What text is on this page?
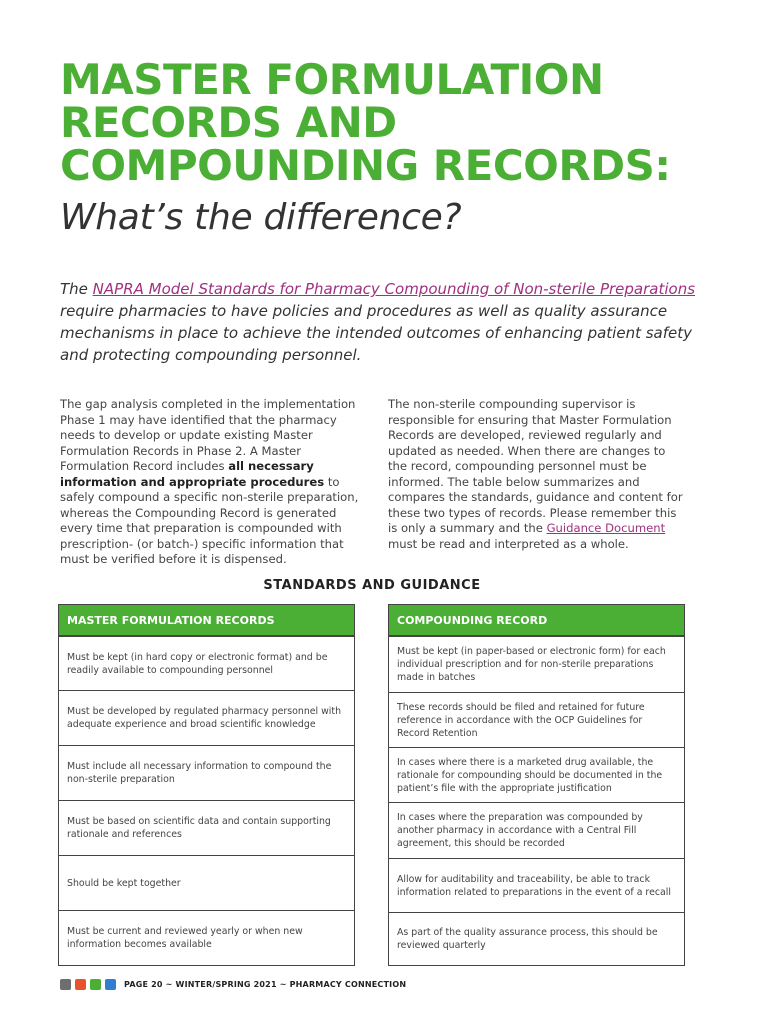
MASTER FORMULATION
RECORDS AND
COMPOUNDING RECORDS:
What’s the difference?

The NAPRA Model Standards for Pharmacy Compounding of Non-sterile Preparations require pharmacies to have policies and procedures as well as quality assurance mechanisms in place to achieve the intended outcomes of enhancing patient safety and protecting compounding personnel.

The gap analysis completed in the implementation Phase 1 may have identified that the pharmacy needs to develop or update existing Master Formulation Records in Phase 2. A Master Formulation Record includes all necessary information and appropriate procedures to safely compound a specific non-sterile preparation, whereas the Compounding Record is generated every time that preparation is compounded with prescription- (or batch-) specific information that must be verified before it is dispensed.

The non-sterile compounding supervisor is responsible for ensuring that Master Formulation Records are developed, reviewed regularly and updated as needed. When there are changes to the record, compounding personnel must be informed. The table below summarizes and compares the standards, guidance and content for these two types of records. Please remember this is only a summary and the Guidance Document must be read and interpreted as a whole.

STANDARDS AND GUIDANCE
MASTER FORMULATION RECORDS
Must be kept (in hard copy or electronic format) and be readily available to compounding personnel
Must be developed by regulated pharmacy personnel with adequate experience and broad scientific knowledge
Must include all necessary information to compound the non-sterile preparation
Must be based on scientific data and contain supporting rationale and references
Should be kept together
Must be current and reviewed yearly or when new information becomes available
COMPOUNDING RECORD
Must be kept (in paper-based or electronic form) for each individual prescription and for non-sterile preparations made in batches
These records should be filed and retained for future reference in accordance with the OCP Guidelines for Record Retention
In cases where there is a marketed drug available, the rationale for compounding should be documented in the patient’s file with the appropriate justification
In cases where the preparation was compounded by another pharmacy in accordance with a Central Fill agreement, this should be recorded
Allow for auditability and traceability, be able to track information related to preparations in the event of a recall
As part of the quality assurance process, this should be reviewed quarterly
PAGE 20 ~ WINTER/SPRING 2021 ~ PHARMACY CONNECTION
